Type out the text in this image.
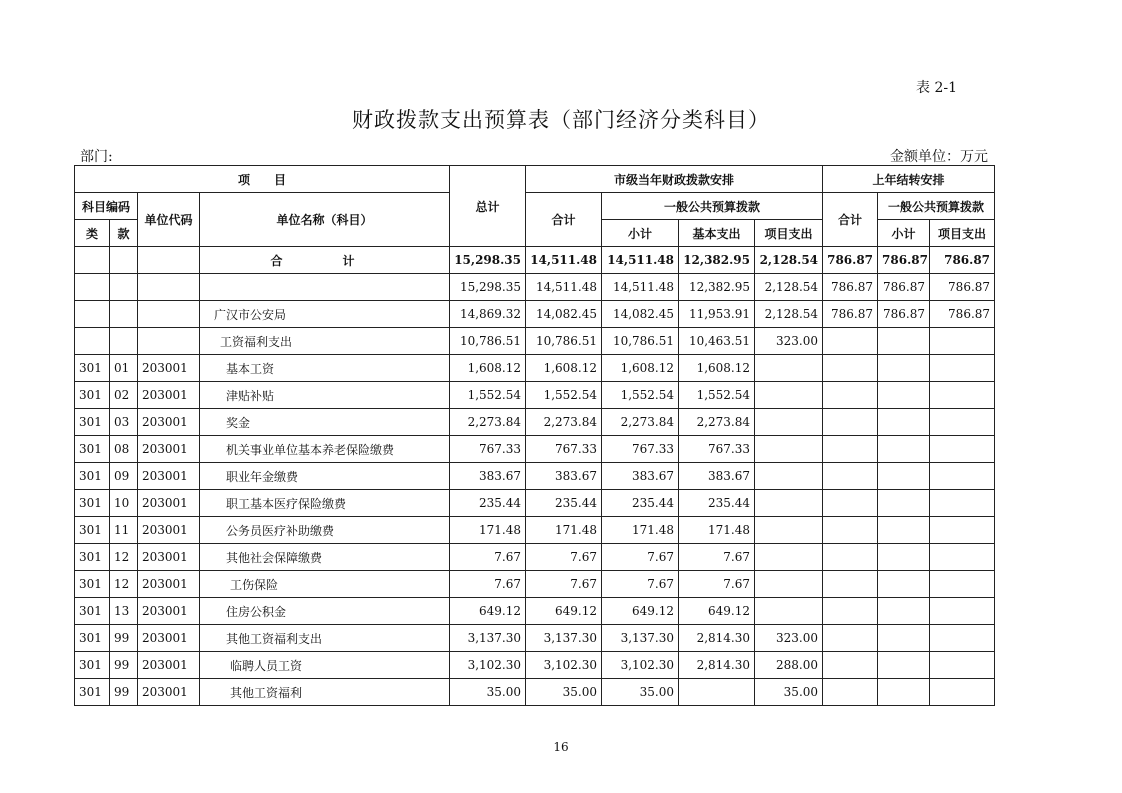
表 2-1
财政拨款支出预算表（部门经济分类科目）
部门:	金额单位：万元
项　　目				总计	市级当年财政拨款安排				上年结转安排		
科目编码		单位代码	单位名称（科目）		合计	一般公共预算拨款			合计	一般公共预算拨款	
类	款					小计	基本支出	项目支出		小计	项目支出
			合　计	15,298.35	14,511.48	14,511.48	12,382.95	2,128.54	786.87	786.87	786.87
				15,298.35	14,511.48	14,511.48	12,382.95	2,128.54	786.87	786.87	786.87
			广汉市公安局	14,869.32	14,082.45	14,082.45	11,953.91	2,128.54	786.87	786.87	786.87
			工资福利支出	10,786.51	10,786.51	10,786.51	10,463.51	323.00			
301	01	203001	基本工资	1,608.12	1,608.12	1,608.12	1,608.12				
301	02	203001	津贴补贴	1,552.54	1,552.54	1,552.54	1,552.54				
301	03	203001	奖金	2,273.84	2,273.84	2,273.84	2,273.84				
301	08	203001	机关事业单位基本养老保险缴费	767.33	767.33	767.33	767.33				
301	09	203001	职业年金缴费	383.67	383.67	383.67	383.67				
301	10	203001	职工基本医疗保险缴费	235.44	235.44	235.44	235.44				
301	11	203001	公务员医疗补助缴费	171.48	171.48	171.48	171.48				
301	12	203001	其他社会保障缴费	7.67	7.67	7.67	7.67				
301	12	203001	工伤保险	7.67	7.67	7.67	7.67				
301	13	203001	住房公积金	649.12	649.12	649.12	649.12				
301	99	203001	其他工资福利支出	3,137.30	3,137.30	3,137.30	2,814.30	323.00			
301	99	203001	临聘人员工资	3,102.30	3,102.30	3,102.30	2,814.30	288.00			
301	99	203001	其他工资福利	35.00	35.00	35.00		35.00			
16
